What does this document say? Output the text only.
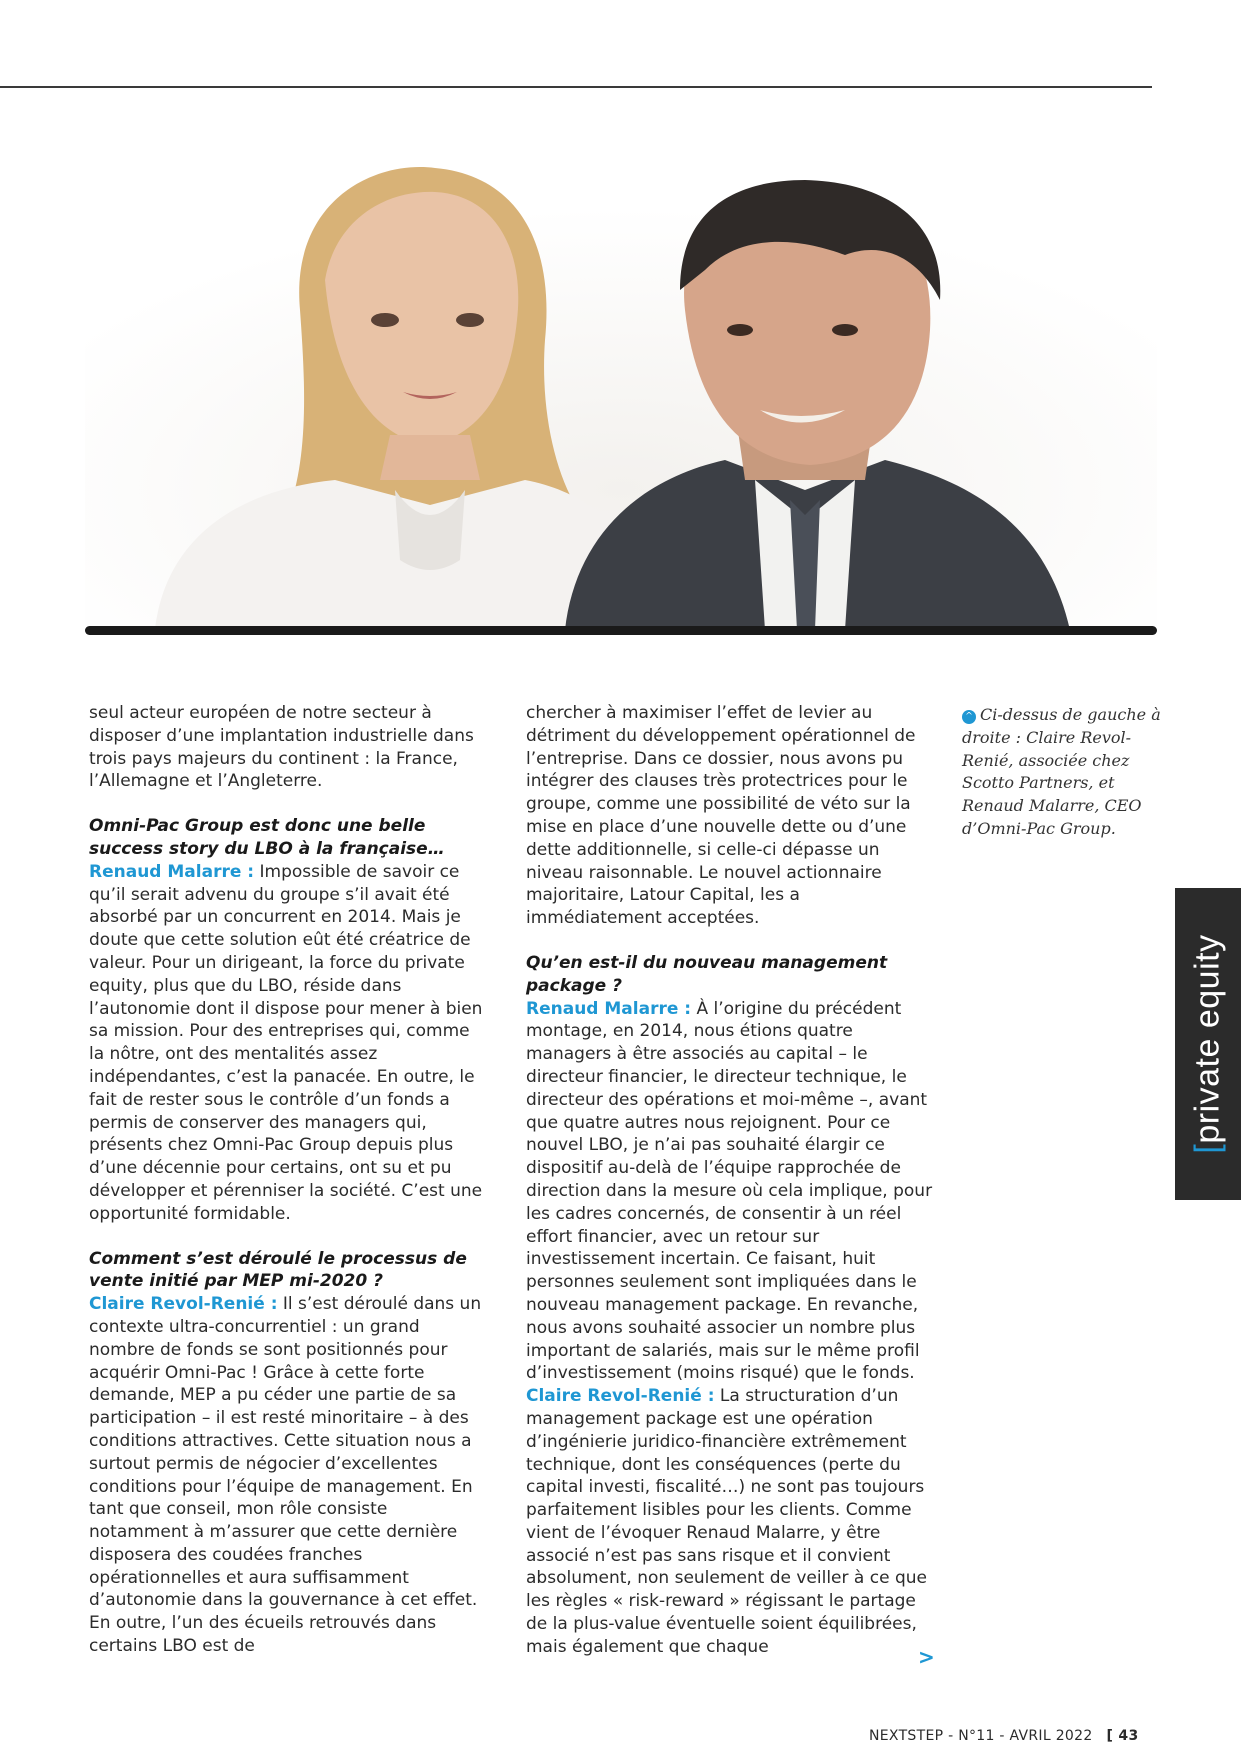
seul acteur européen de notre secteur à disposer d’une implantation industrielle dans trois pays majeurs du continent : la France, l’Allemagne et l’Angleterre.

Omni-Pac Group est donc une belle success story du LBO à la française…
Renaud Malarre : Impossible de savoir ce qu’il serait advenu du groupe s’il avait été absorbé par un concurrent en 2014. Mais je doute que cette solution eût été créatrice de valeur. Pour un dirigeant, la force du private equity, plus que du LBO, réside dans l’autonomie dont il dispose pour mener à bien sa mission. Pour des entreprises qui, comme la nôtre, ont des mentalités assez indépendantes, c’est la panacée. En outre, le fait de rester sous le contrôle d’un fonds a permis de conserver des managers qui, présents chez Omni-Pac Group depuis plus d’une décennie pour certains, ont su et pu développer et pérenniser la société. C’est une opportunité formidable.

Comment s’est déroulé le processus de vente initié par MEP mi-2020 ?
Claire Revol-Renié : Il s’est déroulé dans un contexte ultra-concurrentiel : un grand nombre de fonds se sont positionnés pour acquérir Omni-Pac ! Grâce à cette forte demande, MEP a pu céder une partie de sa participation – il est resté minoritaire – à des conditions attractives. Cette situation nous a surtout permis de négocier d’excellentes conditions pour l’équipe de management. En tant que conseil, mon rôle consiste notamment à m’assurer que cette dernière disposera des coudées franches opérationnelles et aura suffisamment d’autonomie dans la gouvernance à cet effet. En outre, l’un des écueils retrouvés dans certains LBO est de

chercher à maximiser l’effet de levier au détriment du développement opérationnel de l’entreprise. Dans ce dossier, nous avons pu intégrer des clauses très protectrices pour le groupe, comme une possibilité de véto sur la mise en place d’une nouvelle dette ou d’une dette additionnelle, si celle-ci dépasse un niveau raisonnable. Le nouvel actionnaire majoritaire, Latour Capital, les a immédiatement acceptées.

Qu’en est-il du nouveau management package ?
Renaud Malarre : À l’origine du précédent montage, en 2014, nous étions quatre managers à être associés au capital – le directeur financier, le directeur technique, le directeur des opérations et moi-même –, avant que quatre autres nous rejoignent. Pour ce nouvel LBO, je n’ai pas souhaité élargir ce dispositif au-delà de l’équipe rapprochée de direction dans la mesure où cela implique, pour les cadres concernés, de consentir à un réel effort financier, avec un retour sur investissement incertain. Ce faisant, huit personnes seulement sont impliquées dans le nouveau management package. En revanche, nous avons souhaité associer un nombre plus important de salariés, mais sur le même profil d’investissement (moins risqué) que le fonds.
Claire Revol-Renié : La structuration d’un management package est une opération d’ingénierie juridico-financière extrêmement technique, dont les conséquences (perte du capital investi, fiscalité…) ne sont pas toujours parfaitement lisibles pour les clients. Comme vient de l’évoquer Renaud Malarre, y être associé n’est pas sans risque et il convient absolument, non seulement de veiller à ce que les règles « risk-reward » régissant le partage de la plus-value éventuelle soient équilibrées, mais également que chaque	>
^ Ci-dessus de gauche à droite : Claire Revol-Renié, associée chez Scotto Partners, et Renaud Malarre, CEO d’Omni-Pac Group.
[private equity
NEXTSTEP - N°11 - AVRIL 2022 [ 43
